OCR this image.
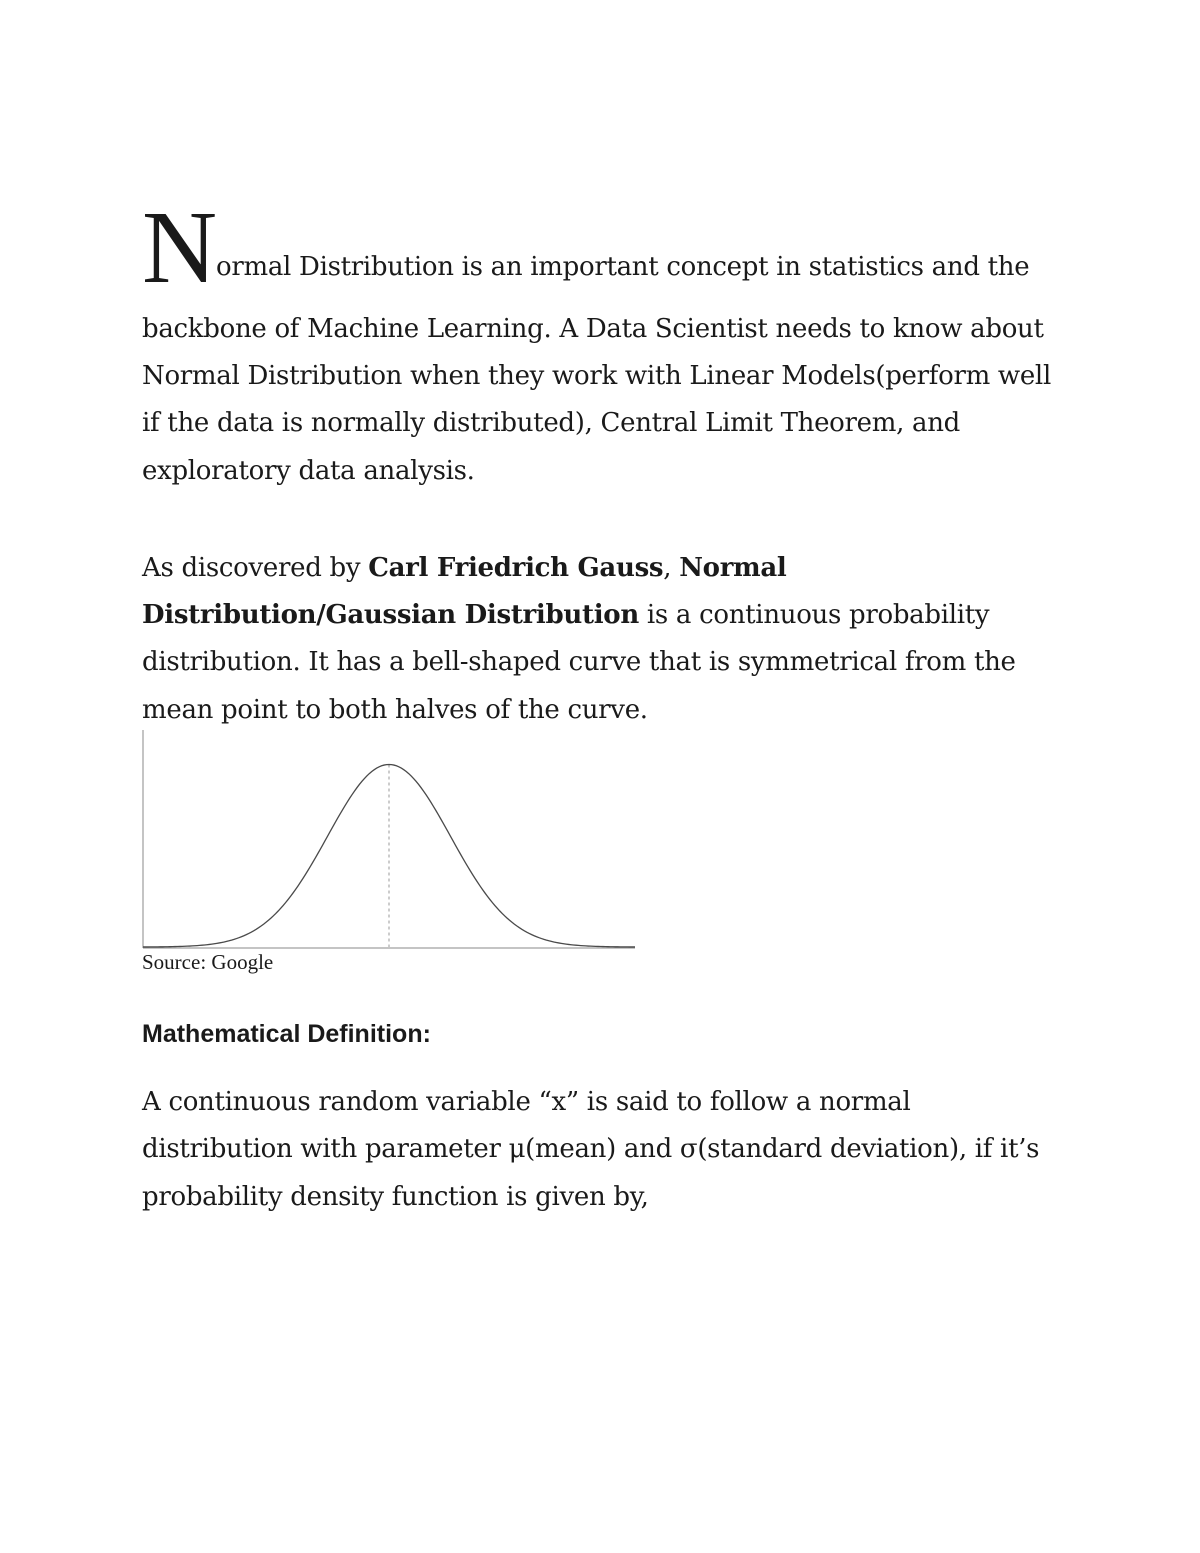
N
ormal Distribution is an important concept in statistics and the
backbone of Machine Learning. A Data Scientist needs to know about
Normal Distribution when they work with Linear Models(perform well
if the data is normally distributed), Central Limit Theorem, and
exploratory data analysis.
As discovered by Carl Friedrich Gauss, Normal
Distribution/Gaussian Distribution is a continuous probability
distribution. It has a bell-shaped curve that is symmetrical from the
mean point to both halves of the curve.
Source: Google
Mathematical Definition:
A continuous random variable “x” is said to follow a normal
distribution with parameter μ(mean) and σ(standard deviation), if it’s
probability density function is given by,
